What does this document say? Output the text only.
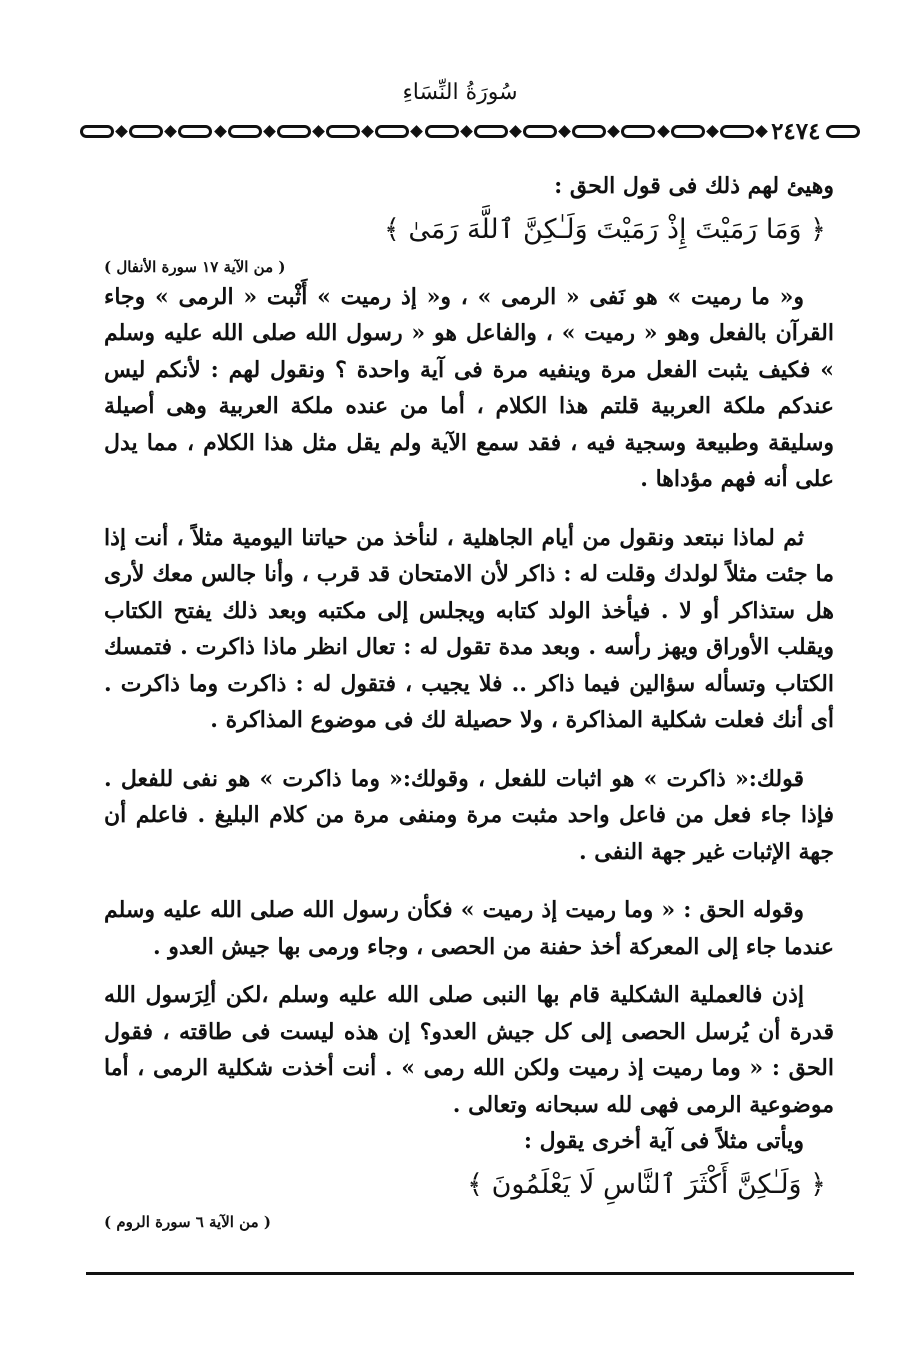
سُورَةُ النِّسَاءِ
٢٤٧٤

وهيئ لهم ذلك فى قول الحق :

﴿ وَمَا رَمَيْتَ إِذْ رَمَيْتَ وَلَـٰكِنَّ ٱللَّهَ رَمَىٰ ﴾

( من الآية ١٧ سورة الأنفال )

و« ما رميت » هو نَفى « الرمى » ، و« إذ رميت » أَثْبت « الرمى » وجاء القرآن بالفعل وهو « رميت » ، والفاعل هو « رسول الله صلى الله عليه وسلم » فكيف يثبت الفعل مرة وينفيه مرة فى آية واحدة ؟ ونقول لهم : لأنكم ليس عندكم ملكة العربية قلتم هذا الكلام ، أما من عنده ملكة العربية وهى أصيلة وسليقة وطبيعة وسجية فيه ، فقد سمع الآية ولم يقل مثل هذا الكلام ، مما يدل على أنه فهم مؤداها .

ثم لماذا نبتعد ونقول من أيام الجاهلية ، لنأخذ من حياتنا اليومية مثلاً ، أنت إذا ما جئت مثلاً لولدك وقلت له : ذاكر لأن الامتحان قد قرب ، وأنا جالس معك لأرى هل ستذاكر أو لا . فيأخذ الولد كتابه ويجلس إلى مكتبه وبعد ذلك يفتح الكتاب ويقلب الأوراق ويهز رأسه . وبعد مدة تقول له : تعال انظر ماذا ذاكرت . فتمسك الكتاب وتسأله سؤالين فيما ذاكر .. فلا يجيب ، فتقول له : ذاكرت وما ذاكرت . أى أنك فعلت شكلية المذاكرة ، ولا حصيلة لك فى موضوع المذاكرة .

قولك:« ذاكرت » هو اثبات للفعل ، وقولك:« وما ذاكرت » هو نفى للفعل . فإذا جاء فعل من فاعل واحد مثبت مرة ومنفى مرة من كلام البليغ . فاعلم أن جهة الإثبات غير جهة النفى .

وقوله الحق : « وما رميت إذ رميت » فكأن رسول الله صلى الله عليه وسلم عندما جاء إلى المعركة أخذ حفنة من الحصى ، وجاء ورمى بها جيش العدو .

إذن فالعملية الشكلية قام بها النبى صلى الله عليه وسلم ،لكن ألِرَسول الله قدرة أن يُرسل الحصى إلى كل جيش العدو؟ إن هذه ليست فى طاقته ، فقول الحق : « وما رميت إذ رميت ولكن الله رمى » . أنت أخذت شكلية الرمى ، أما موضوعية الرمى فهى لله سبحانه وتعالى .

ويأتى مثلاً فى آية أخرى يقول :

﴿ وَلَـٰكِنَّ أَكْثَرَ ٱلنَّاسِ لَا يَعْلَمُونَ ﴾

( من الآية ٦ سورة الروم )
